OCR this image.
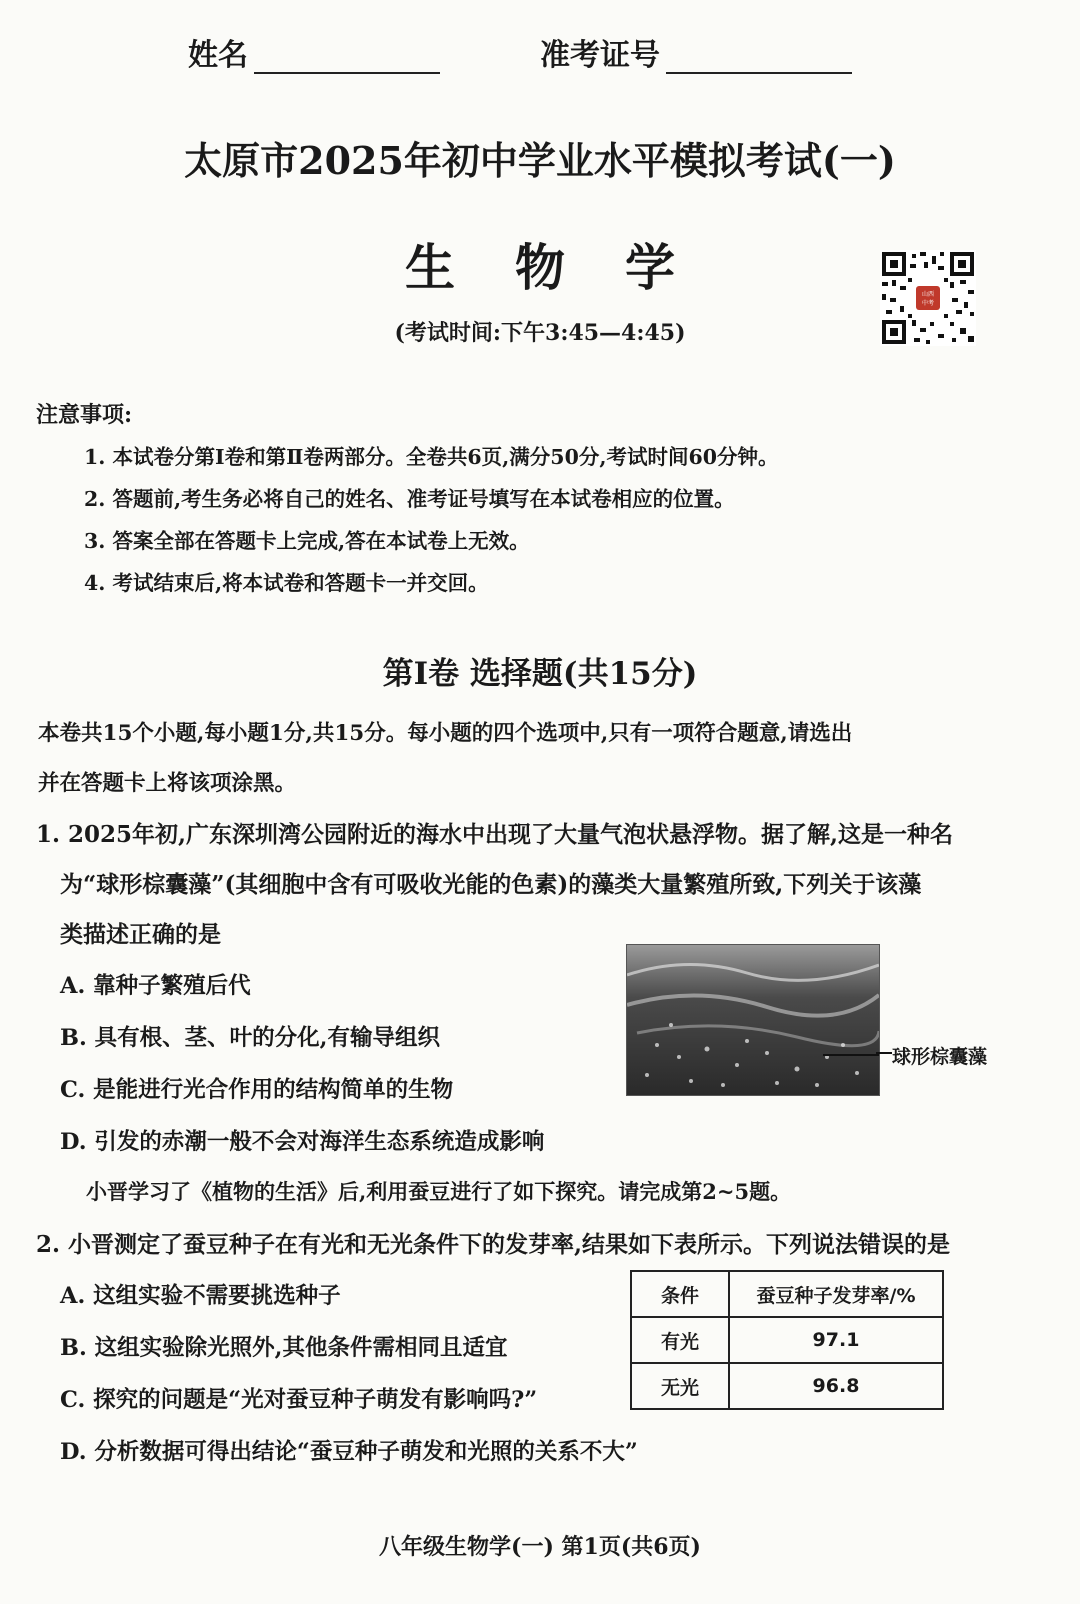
姓名	准考证号
太原市2025年初中学业水平模拟考试(一)
生物学
(考试时间:下午3:45—4:45)
山西
中考
注意事项:
1. 本试卷分第Ⅰ卷和第Ⅱ卷两部分。全卷共6页,满分50分,考试时间60分钟。
2. 答题前,考生务必将自己的姓名、准考证号填写在本试卷相应的位置。
3. 答案全部在答题卡上完成,答在本试卷上无效。
4. 考试结束后,将本试卷和答题卡一并交回。
第Ⅰ卷 选择题(共15分)
本卷共15个小题,每小题1分,共15分。每小题的四个选项中,只有一项符合题意,请选出
并在答题卡上将该项涂黑。
1. 2025年初,广东深圳湾公园附近的海水中出现了大量气泡状悬浮物。据了解,这是一种名
为“球形棕囊藻”(其细胞中含有可吸收光能的色素)的藻类大量繁殖所致,下列关于该藻
类描述正确的是
A. 靠种子繁殖后代
B. 具有根、茎、叶的分化,有输导组织
C. 是能进行光合作用的结构简单的生物
D. 引发的赤潮一般不会对海洋生态系统造成影响
球形棕囊藻
小晋学习了《植物的生活》后,利用蚕豆进行了如下探究。请完成第2~5题。
2. 小晋测定了蚕豆种子在有光和无光条件下的发芽率,结果如下表所示。下列说法错误的是
A. 这组实验不需要挑选种子
B. 这组实验除光照外,其他条件需相同且适宜
C. 探究的问题是“光对蚕豆种子萌发有影响吗?”
D. 分析数据可得出结论“蚕豆种子萌发和光照的关系不大”
条件	蚕豆种子发芽率/%
有光	97.1
无光	96.8
八年级生物学(一) 第1页(共6页)
